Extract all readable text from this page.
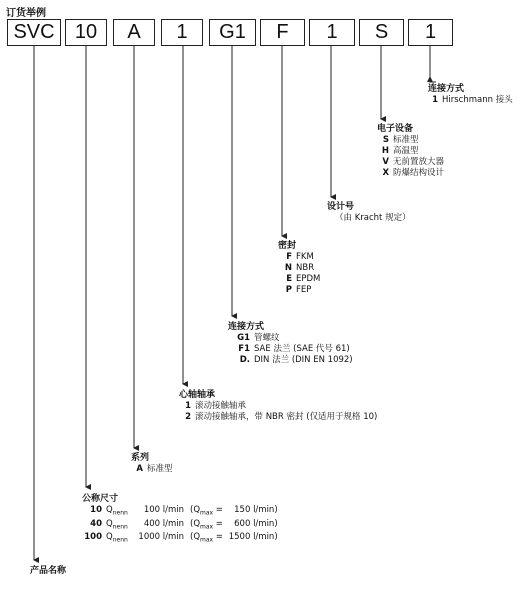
订货举例
SVC	10	A	1	G1	F	1	S	1
连接方式
1 Hirschmann 接头
电子设备
S 标准型
H 高温型
V 无前置放大器
X 防爆结构设计
设计号
（由 Kracht 规定）
密封
F FKM
N NBR
E EPDM
P FEP
连接方式
G1 管螺纹
F1 SAE 法兰 (SAE 代号 61)
D. DIN 法兰 (DIN EN 1092)
心轴轴承
1 滚动接触轴承
2 滚动接触轴承，带 NBR 密封 (仅适用于规格 10)
系列
A 标准型
公称尺寸
10 $Q_{nenn}$	100 l/min ($Q_{max} = 150$ l/min)
40 $Q_{nenn}$	400 l/min ($Q_{max} = 600$ l/min)
100 $Q_{nenn}$	1000 l/min ($Q_{max} = 1500$ l/min)
产品名称
